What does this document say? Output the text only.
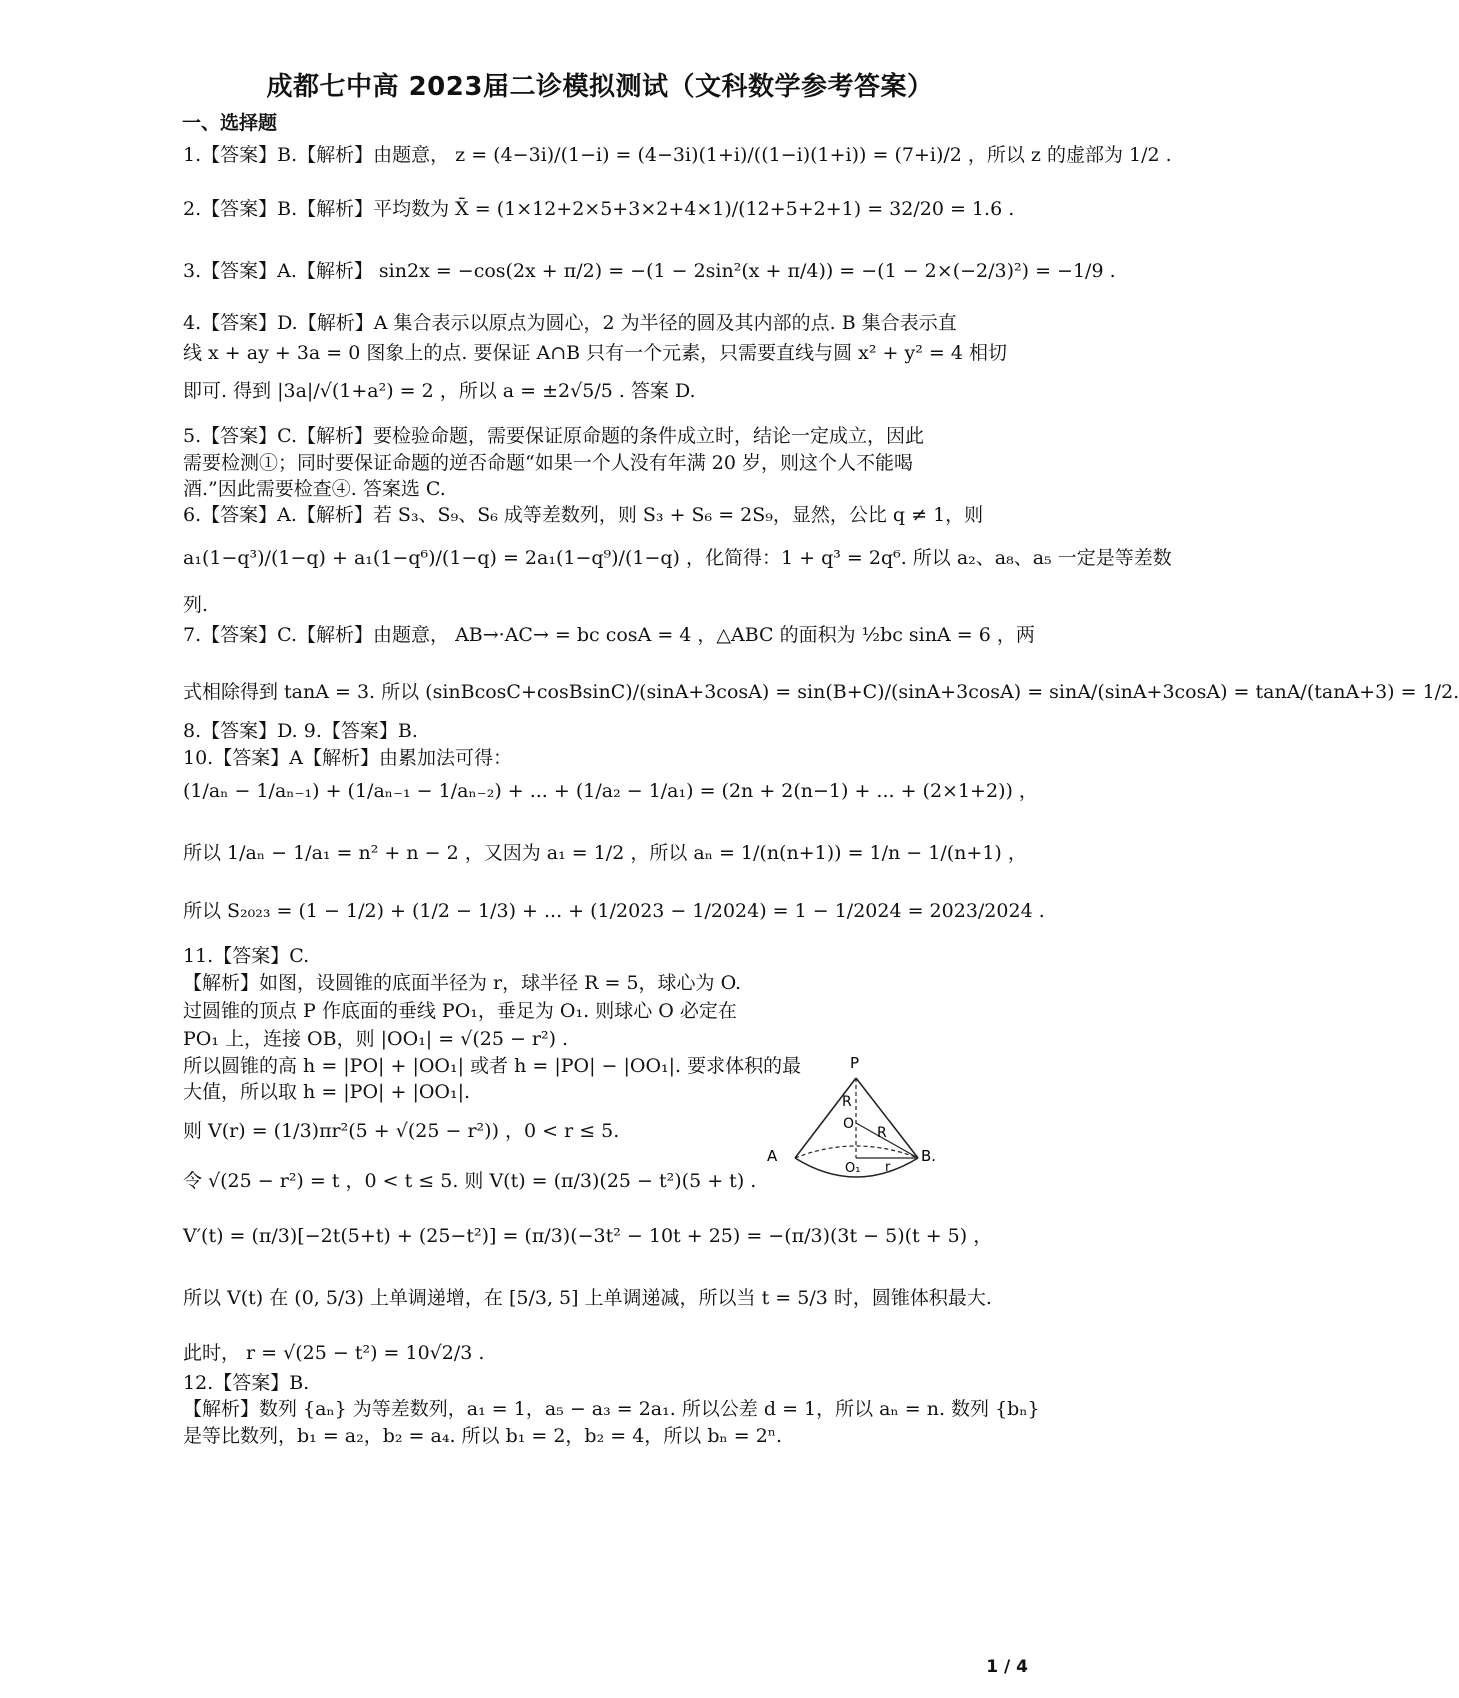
成都七中高 2023届二诊模拟测试（文科数学参考答案）
一、选择题
1.【答案】B.【解析】由题意， z = (4−3i)/(1−i) = (4−3i)(1+i)/((1−i)(1+i)) = (7+i)/2 ，所以 z 的虚部为 1/2 .
2.【答案】B.【解析】平均数为 X̄ = (1×12+2×5+3×2+4×1)/(12+5+2+1) = 32/20 = 1.6 .
3.【答案】A.【解析】 sin2x = −cos(2x + π/2) = −(1 − 2sin²(x + π/4)) = −(1 − 2×(−2/3)²) = −1/9 .
4.【答案】D.【解析】A 集合表示以原点为圆心，2 为半径的圆及其内部的点. B 集合表示直
线 x + ay + 3a = 0 图象上的点. 要保证 A∩B 只有一个元素，只需要直线与圆 x² + y² = 4 相切
即可. 得到 |3a|/√(1+a²) = 2 ，所以 a = ±2√5/5 . 答案 D.
5.【答案】C.【解析】要检验命题，需要保证原命题的条件成立时，结论一定成立，因此
需要检测①；同时要保证命题的逆否命题“如果一个人没有年满 20 岁，则这个人不能喝
酒.”因此需要检查④. 答案选 C.
6.【答案】A.【解析】若 S₃、S₉、S₆ 成等差数列，则 S₃ + S₆ = 2S₉，显然，公比 q ≠ 1，则
a₁(1−q³)/(1−q) + a₁(1−q⁶)/(1−q) = 2a₁(1−q⁹)/(1−q) ，化简得：1 + q³ = 2q⁶. 所以 a₂、a₈、a₅ 一定是等差数
列.
7.【答案】C.【解析】由题意， AB→·AC→ = bc cosA = 4 ，△ABC 的面积为 ½bc sinA = 6 ，两
式相除得到 tanA = 3. 所以 (sinBcosC+cosBsinC)/(sinA+3cosA) = sin(B+C)/(sinA+3cosA) = sinA/(sinA+3cosA) = tanA/(tanA+3) = 1/2.
8.【答案】D. 9.【答案】B.
10.【答案】A【解析】由累加法可得：
(1/aₙ − 1/aₙ₋₁) + (1/aₙ₋₁ − 1/aₙ₋₂) + ... + (1/a₂ − 1/a₁) = (2n + 2(n−1) + ... + (2×1+2)) ，
所以 1/aₙ − 1/a₁ = n² + n − 2 ，又因为 a₁ = 1/2 ，所以 aₙ = 1/(n(n+1)) = 1/n − 1/(n+1) ，
所以 S₂₀₂₃ = (1 − 1/2) + (1/2 − 1/3) + ... + (1/2023 − 1/2024) = 1 − 1/2024 = 2023/2024 .
11.【答案】C.
【解析】如图，设圆锥的底面半径为 r，球半径 R = 5，球心为 O.
过圆锥的顶点 P 作底面的垂线 PO₁，垂足为 O₁. 则球心 O 必定在
PO₁ 上，连接 OB，则 |OO₁| = √(25 − r²) .
所以圆锥的高 h = |PO| + |OO₁| 或者 h = |PO| − |OO₁|. 要求体积的最
大值，所以取 h = |PO| + |OO₁|.
则 V(r) = (1/3)πr²(5 + √(25 − r²)) ，0 < r ≤ 5.
令 √(25 − r²) = t ，0 < t ≤ 5. 则 V(t) = (π/3)(25 − t²)(5 + t) .
V′(t) = (π/3)[−2t(5+t) + (25−t²)] = (π/3)(−3t² − 10t + 25) = −(π/3)(3t − 5)(t + 5) ，
所以 V(t) 在 (0, 5/3) 上单调递增，在 [5/3, 5] 上单调递减，所以当 t = 5/3 时，圆锥体积最大.
此时， r = √(25 − t²) = 10√2/3 .
12.【答案】B.
【解析】数列 {aₙ} 为等差数列，a₁ = 1，a₅ − a₃ = 2a₁. 所以公差 d = 1，所以 aₙ = n. 数列 {bₙ}
是等比数列，b₁ = a₂，b₂ = a₄. 所以 b₁ = 2，b₂ = 4，所以 bₙ = 2ⁿ.
P
R
O
R
A
O₁ r
B.
1 / 4
